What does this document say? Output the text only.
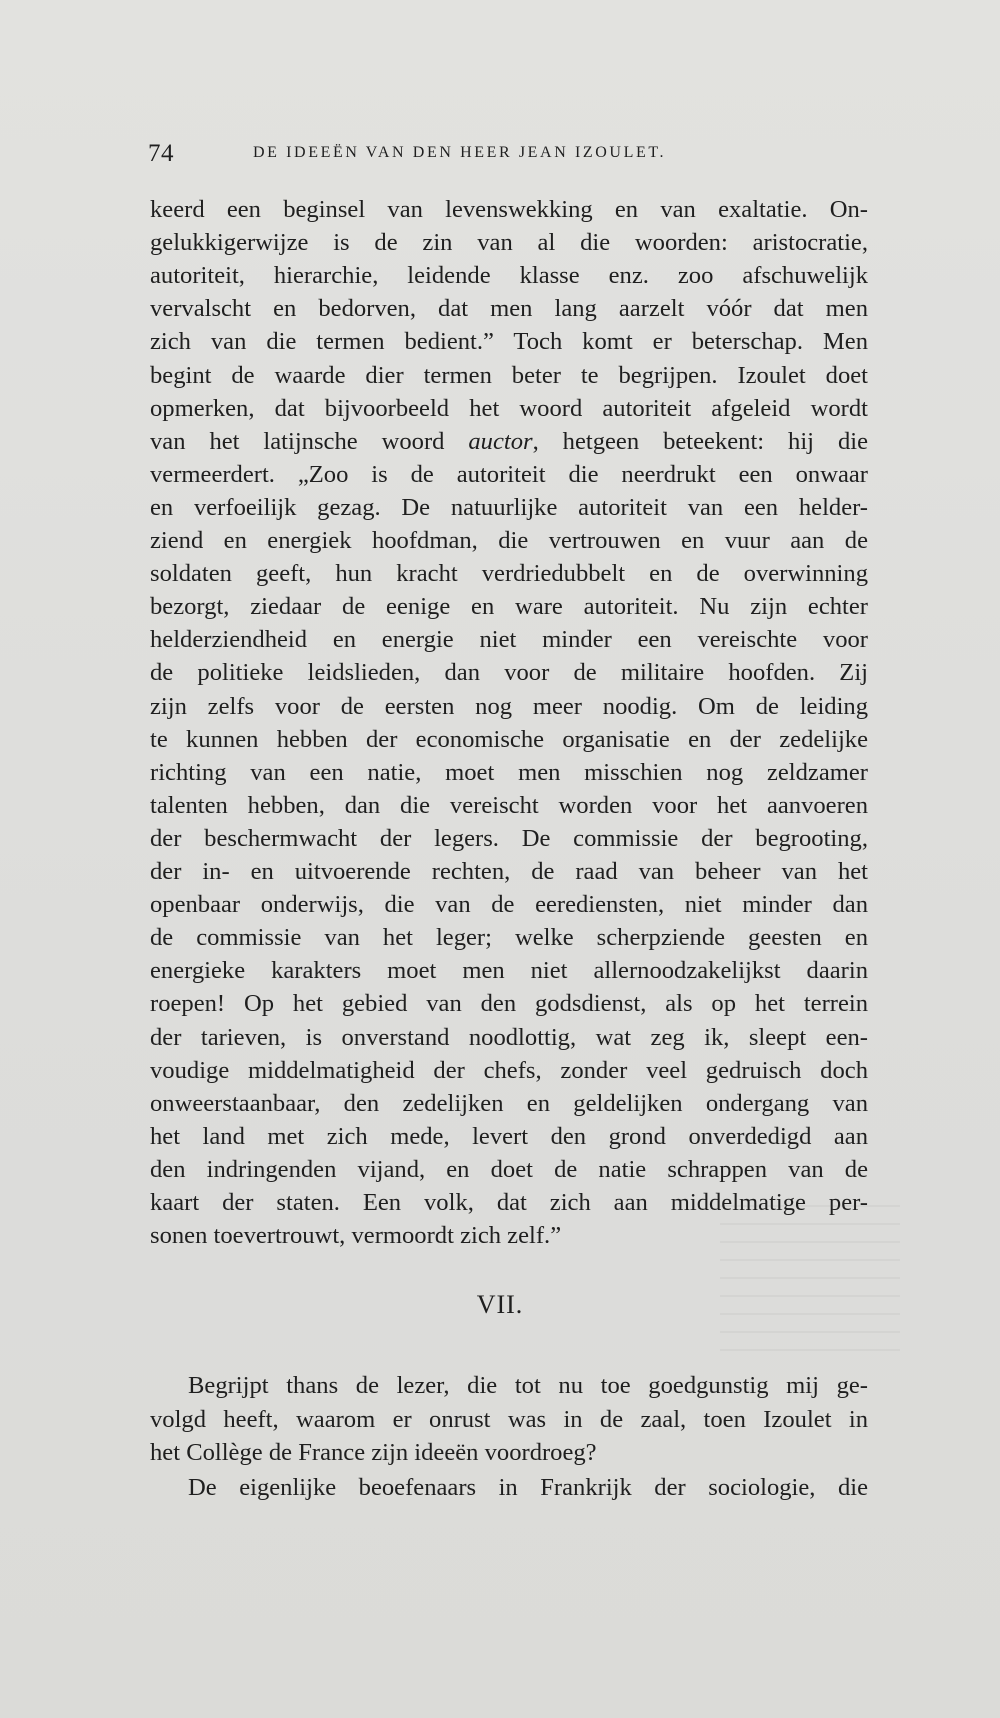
74	DE IDEEËN VAN DEN HEER JEAN IZOULET.
keerd een beginsel van levenswekking en van exaltatie. On-
gelukkigerwijze is de zin van al die woorden: aristocratie,
autoriteit, hierarchie, leidende klasse enz. zoo afschuwelijk
vervalscht en bedorven, dat men lang aarzelt vóór dat men
zich van die termen bedient.” Toch komt er beterschap. Men
begint de waarde dier termen beter te begrijpen. Izoulet doet
opmerken, dat bijvoorbeeld het woord autoriteit afgeleid wordt
van het latijnsche woord auctor, hetgeen beteekent: hij die
vermeerdert. „Zoo is de autoriteit die neerdrukt een onwaar
en verfoeilijk gezag. De natuurlijke autoriteit van een helder-
ziend en energiek hoofdman, die vertrouwen en vuur aan de
soldaten geeft, hun kracht verdriedubbelt en de overwinning
bezorgt, ziedaar de eenige en ware autoriteit. Nu zijn echter
helderziendheid en energie niet minder een vereischte voor
de politieke leidslieden, dan voor de militaire hoofden. Zij
zijn zelfs voor de eersten nog meer noodig. Om de leiding
te kunnen hebben der economische organisatie en der zedelijke
richting van een natie, moet men misschien nog zeldzamer
talenten hebben, dan die vereischt worden voor het aanvoeren
der beschermwacht der legers. De commissie der begrooting,
der in- en uitvoerende rechten, de raad van beheer van het
openbaar onderwijs, die van de eerediensten, niet minder dan
de commissie van het leger; welke scherpziende geesten en
energieke karakters moet men niet allernoodzakelijkst daarin
roepen! Op het gebied van den godsdienst, als op het terrein
der tarieven, is onverstand noodlottig, wat zeg ik, sleept een-
voudige middelmatigheid der chefs, zonder veel gedruisch doch
onweerstaanbaar, den zedelijken en geldelijken ondergang van
het land met zich mede, levert den grond onverdedigd aan
den indringenden vijand, en doet de natie schrappen van de
kaart der staten. Een volk, dat zich aan middelmatige per-
sonen toevertrouwt, vermoordt zich zelf.”
VII.
Begrijpt thans de lezer, die tot nu toe goedgunstig mij ge-
volgd heeft, waarom er onrust was in de zaal, toen Izoulet in
het Collège de France zijn ideeën voordroeg?
De eigenlijke beoefenaars in Frankrijk der sociologie, die
